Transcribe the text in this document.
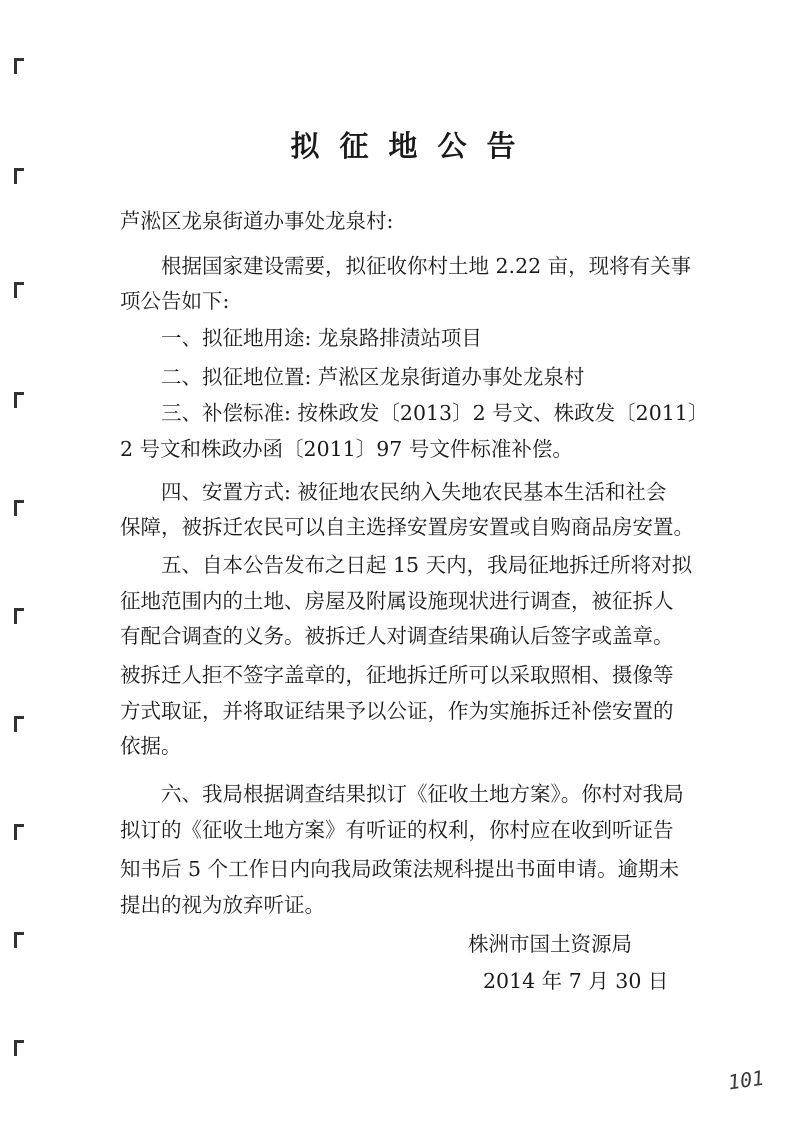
拟征地公告
芦淞区龙泉街道办事处龙泉村:
　　根据国家建设需要，拟征收你村土地 2.22 亩，现将有关事
项公告如下:
　　一、拟征地用途: 龙泉路排渍站项目
　　二、拟征地位置: 芦淞区龙泉街道办事处龙泉村
　　三、补偿标准: 按株政发〔2013〕2 号文、株政发〔2011〕
2 号文和株政办函〔2011〕97 号文件标准补偿。
　　四、安置方式: 被征地农民纳入失地农民基本生活和社会
保障，被拆迁农民可以自主选择安置房安置或自购商品房安置。
　　五、自本公告发布之日起 15 天内，我局征地拆迁所将对拟
征地范围内的土地、房屋及附属设施现状进行调查，被征拆人
有配合调查的义务。被拆迁人对调查结果确认后签字或盖章。
被拆迁人拒不签字盖章的，征地拆迁所可以采取照相、摄像等
方式取证，并将取证结果予以公证，作为实施拆迁补偿安置的
依据。
　　六、我局根据调查结果拟订《征收土地方案》。你村对我局
拟订的《征收土地方案》有听证的权利，你村应在收到听证告
知书后 5 个工作日内向我局政策法规科提出书面申请。逾期未
提出的视为放弃听证。
株洲市国土资源局
2014 年 7 月 30 日
101
